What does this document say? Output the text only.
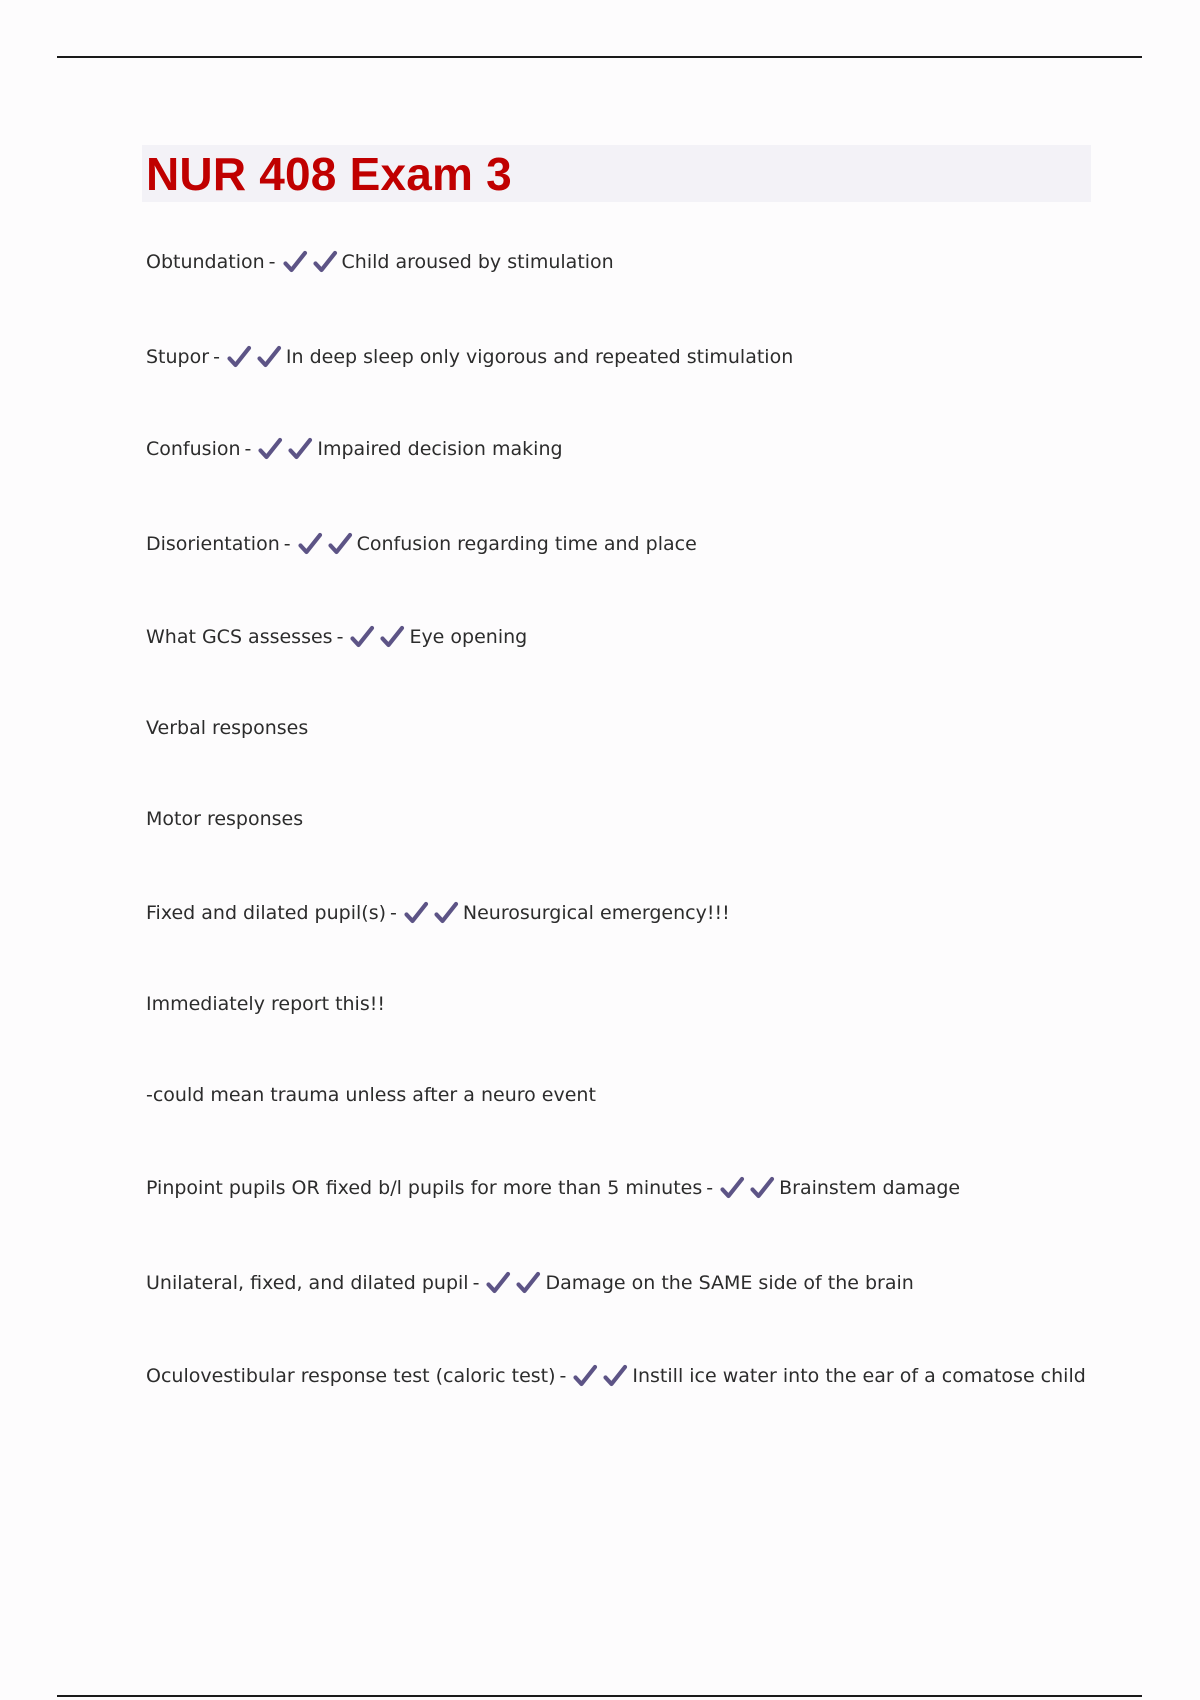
NUR 408 Exam 3
Obtundation -	Child aroused by stimulation
Stupor -	In deep sleep only vigorous and repeated stimulation
Confusion -	Impaired decision making
Disorientation -	Confusion regarding time and place
What GCS assesses -	Eye opening
Verbal responses
Motor responses
Fixed and dilated pupil(s) -	Neurosurgical emergency!!!
Immediately report this!!
-could mean trauma unless after a neuro event
Pinpoint pupils OR fixed b/l pupils for more than 5 minutes -	Brainstem damage
Unilateral, fixed, and dilated pupil -	Damage on the SAME side of the brain
Oculovestibular response test (caloric test) -	Instill ice water into the ear of a comatose child
